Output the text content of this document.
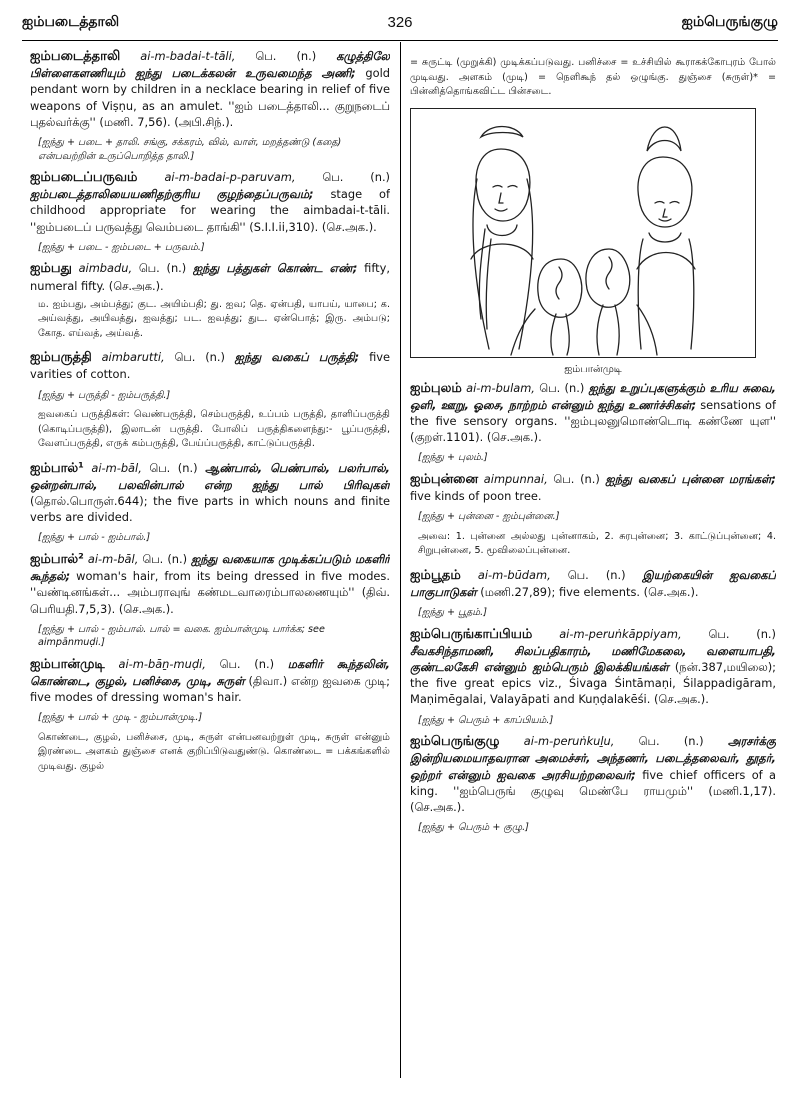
ஐம்படைத்தாலி	326	ஐம்பெருங்குழு

ஐம்படைத்தாலி ai-m-badai-t-tāli, பெ. (n.) கழுத்திலே பிள்ளைகளணியும் ஐந்து படைக்கலன் உருவமைந்த அணி; gold pendant worn by children in a necklace bearing in relief of five weapons of Viṣṇu, as an amulet. ''ஐம் படைத்தாலி... குறுநடைப் புதல்வர்க்கு'' (மணி. 7,56). (அபி.சிந்.).

[ஐந்து + படை + தாலி. சங்கு, சக்கரம், வில், வாள், மறத்தண்டு (கதை) என்பவற்றின் உருப்பொறித்த தாலி.]

ஐம்படைப்பருவம் ai-m-badai-p-paruvam, பெ. (n.) ஐம்படைத்தாலியையணிதற்குரிய குழந்தைப்பருவம்; stage of childhood appropriate for wearing the aimbadai-t-tāli. ''ஐம்படைப் பருவத்து வெம்படை தாங்கி'' (S.I.I.ii,310). (செ.அக.).

[ஐந்து + படை - ஐம்படை + பருவம்.]

ஐம்பது aimbadu, பெ. (n.) ஐந்து பத்துகள் கொண்ட எண்; fifty, numeral fifty. (செ.அக.).

ம. ஐம்பது, அம்பத்து; குட. அயிம்பதி; து. ஐவ; தெ. ஏன்பதி, யாபய், யாபை; க. அய்வத்து, அயிவத்து, ஐவத்து; பட. ஐவத்து; துட. ஏன்பொத்; இரு. அம்படு; கோத. எய்வத், அய்வத்.

ஐம்பருத்தி aimbarutti, பெ. (n.) ஐந்து வகைப் பருத்தி; five varities of cotton.

[ஐந்து + பருத்தி - ஐம்பருத்தி.]
ஐவகைப் பருத்திகள்: வெண்பருத்தி, செம்பருத்தி, உப்பம் பருத்தி, தாளிப்பருத்தி (கொடிப்பருத்தி), இலாடன் பருத்தி. போலிப் பருத்திகளைந்து:- பூப்பருத்தி, வேளப்பருத்தி, எருக் கம்பருத்தி, பேய்ப்பருத்தி, காட்டுப்பருத்தி.

ஐம்பால்¹ ai-m-bāl, பெ. (n.) ஆண்பால், பெண்பால், பலர்பால், ஒன்றன்பால், பலவின்பால் என்ற ஐந்து பால் பிரிவுகள் (தொல்.பொருள்.644); the five parts in which nouns and finite verbs are divided.

[ஐந்து + பால் - ஐம்பால்.]

ஐம்பால்² ai-m-bāl, பெ. (n.) ஐந்து வகையாக முடிக்கப்படும் மகளிர் கூந்தல்; woman's hair, from its being dressed in five modes. ''வண்டினங்கள்... அம்பராவுங் கண்மடவாரைம்பாலணையும்'' (திவ். பெரியதி.7,5,3). (செ.அக.).

[ஐந்து + பால் - ஐம்பால். பால் = வகை. ஐம்பான்முடி பார்க்க; see aimpānmuḍi.]

ஐம்பான்முடி ai-m-bāṉ-muḍi, பெ. (n.) மகளிர் கூந்தலின், கொண்டை, குழல், பனிச்சை, முடி, சுருள் (திவா.) என்ற ஐவகை முடி; five modes of dressing woman's hair.

[ஐந்து + பால் + முடி - ஐம்பான்முடி.]
கொண்டை, குழல், பனிச்சை, முடி, சுருள் என்பனவற்றுள் முடி, சுருள் என்னும் இரண்டை அளகம் துஞ்சை எனக் குறிப்பிடுவதுண்டு. கொண்டை = பக்கங்களில் முடிவது. குழல்
= சுருட்டி (முறுக்கி) முடிக்கப்படுவது. பனிச்சை = உச்சியில் கூராகக்கோபுரம் போல் முடிவது. அளகம் (முடி) = நெளிகூந் தல் ஒழுங்கு. துஞ்சை (சுருள்)* = பின்னித்தொங்கவிட்ட பின்சடை.
ஐம்பான்முடி

ஐம்புலம் ai-m-bulam, பெ. (n.) ஐந்து உறுப்புகளுக்கும் உரிய சுவை, ஒளி, ஊறு, ஓசை, நாற்றம் என்னும் ஐந்து உணர்ச்சிகள்; sensations of the five sensory organs. ''ஐம்புலனுமொண்டொடி கண்ணே யுள'' (குறள்.1101). (செ.அக.).

[ஐந்து + புலம்.]

ஐம்புன்னை aimpunnai, பெ. (n.) ஐந்து வகைப் புன்னை மரங்கள்; five kinds of poon tree.

[ஐந்து + புன்னை - ஐம்புன்னை.]
அவை: 1. புன்னை அல்லது புன்னாகம், 2. சுரபுன்னை; 3. காட்டுப்புன்னை; 4. சிறுபுன்னை, 5. மூவிலைப்புன்னை.

ஐம்பூதம் ai-m-būdam, பெ. (n.) இயற்கையின் ஐவகைப் பாகுபாடுகள் (மணி.27,89); five elements. (செ.அக.).

[ஐந்து + பூதம்.]

ஐம்பெருங்காப்பியம் ai-m-peruṅkāppiyam, பெ. (n.) சீவகசிந்தாமணி, சிலப்பதிகாரம், மணிமேகலை, வளையாபதி, குண்டலகேசி என்னும் ஐம்பெரும் இலக்கியங்கள் (நன்.387,மயிலை); the five great epics viz., Śivaga Śintāmaṇi, Śilappadigāram, Maṇimēgalai, Valayāpati and Kuṇḍalakēśi. (செ.அக.).

[ஐந்து + பெரும் + காப்பியம்.]

ஐம்பெருங்குழு ai-m-peruṅkuḻu, பெ. (n.) அரசர்க்கு இன்றியமையாதவரான அமைச்சர், அந்தணர், படைத்தலைவர், தூதர், ஒற்றர் என்னும் ஐவகை அரசியற்றலைவர்; five chief officers of a king. ''ஐம்பெருங் குழுவு மெண்பே ராயமும்'' (மணி.1,17). (செ.அக.).

[ஐந்து + பெரும் + குழு.]
